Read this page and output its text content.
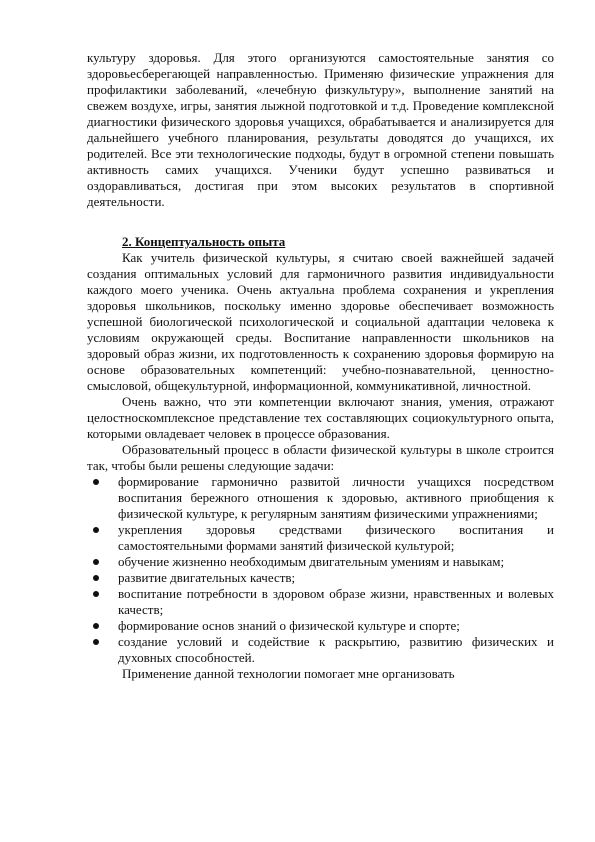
культуру здоровья. Для этого организуются самостоятельные занятия со здоровьесберегающей направленностью. Применяю физические упражнения для профилактики заболеваний, «лечебную физкультуру», выполнение занятий на свежем воздухе, игры, занятия лыжной подготовкой и т.д. Проведение комплексной диагностики физического здоровья учащихся, обрабатывается и анализируется для дальнейшего учебного планирования, результаты доводятся до учащихся, их родителей. Все эти технологические подходы, будут в огромной степени повышать активность самих учащихся. Ученики будут успешно развиваться и оздоравливаться, достигая при этом высоких результатов в спортивной деятельности.

2. Концептуальность опыта

Как учитель физической культуры, я считаю своей важнейшей задачей создания оптимальных условий для гармоничного развития индивидуальности каждого моего ученика. Очень актуальна проблема сохранения и укрепления здоровья школьников, поскольку именно здоровье обеспечивает возможность успешной биологической психологической и социальной адаптации человека к условиям окружающей среды. Воспитание направленности школьников на здоровый образ жизни, их подготовленность к сохранению здоровья формирую на основе образовательных компетенций: учебно-познавательной, ценностно-смысловой, общекультурной, информационной, коммуникативной, личностной.

Очень важно, что эти компетенции включают знания, умения, отражают целостноскомплексное представление тех составляющих социокультурного опыта, которыми овладевает человек в процессе образования.

Образовательный процесс в области физической культуры в школе строится так, чтобы были решены следующие задачи:

формирование гармонично развитой личности учащихся посредством воспитания бережного отношения к здоровью, активного приобщения к физической культуре, к регулярным занятиям физическими упражнениями;
укрепления здоровья средствами физического воспитания и самостоятельными формами занятий физической культурой;
обучение жизненно необходимым двигательным умениям и навыкам;
развитие двигательных качеств;
воспитание потребности в здоровом образе жизни, нравственных и волевых качеств;
формирование основ знаний о физической культуре и спорте;
создание условий и содействие к раскрытию, развитию физических и духовных способностей.

Применение данной технологии помогает мне организовать
